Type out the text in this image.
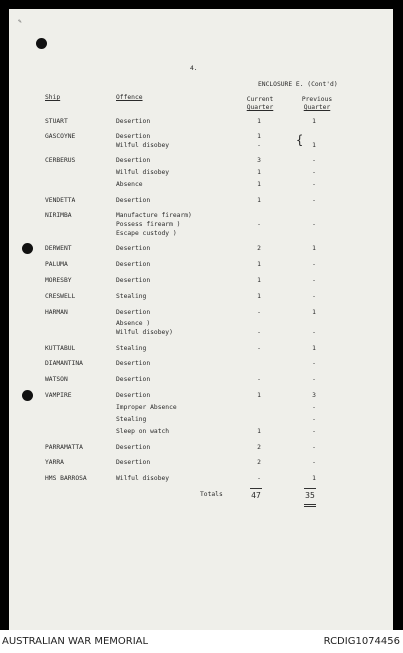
✎
4.
ENCLOSURE E. (Cont'd)
Ship	Offence	Current
Quarter
Previous
Quarter
STUART	Desertion	1	1
GASCOYNE	Desertion	1
Wilful disobey	-	1
CERBERUS	Desertion	3	-
Wilful disobey	1	-
Absence	1	-
VENDETTA	Desertion	1	-
NIRIMBA	Manufacture firearm)
Possess firearm )	-	-
Escape custody )
DERWENT	Desertion	2	1
PALUMA	Desertion	1	-
MORESBY	Desertion	1	-
CRESWELL	Stealing	1	-
HARMAN	Desertion	-	1
Absence )
Wilful disobey)	-	-
KUTTABUL	Stealing	-	1
DIAMANTINA	Desertion	-
WATSON	Desertion	-	-
VAMPIRE	Desertion	1	3
Improper Absence	-
Stealing	-
Sleep on watch	1	-
PARRAMATTA	Desertion	2	-
YARRA	Desertion	2	-
HMS BARROSA	Wilful disobey	-	1
{
Totals	47	35
AUSTRALIAN WAR MEMORIAL	RCDIG1074456
